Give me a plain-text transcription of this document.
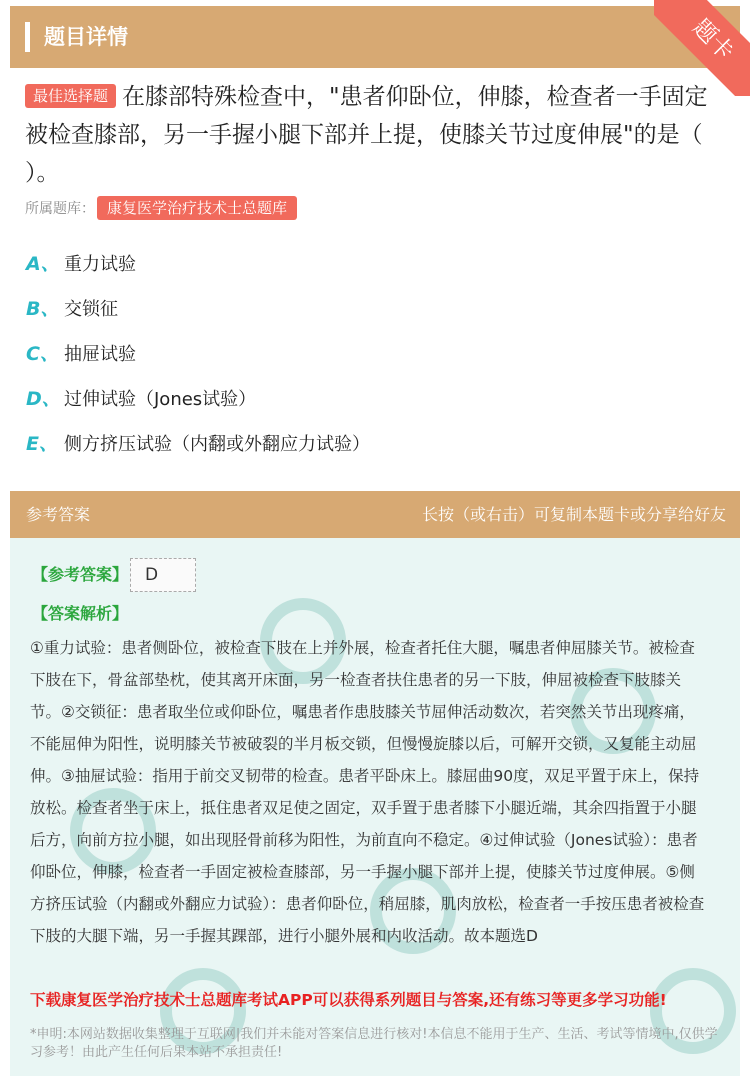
题目详情	题卡
最佳选择题 在膝部特殊检查中，"患者仰卧位，伸膝，检查者一手固定被检查膝部，另一手握小腿下部并上提，使膝关节过度伸展"的是（ ）。
所属题库： 康复医学治疗技术士总题库
A、 重力试验
B、 交锁征
C、 抽屉试验
D、 过伸试验（Jones试验）
E、 侧方挤压试验（内翻或外翻应力试验）
参考答案	长按（或右击）可复制本题卡或分享给好友
【参考答案】 D
【答案解析】
①重力试验：患者侧卧位，被检查下肢在上并外展，检查者托住大腿，嘱患者伸屈膝关节。被检查下肢在下，骨盆部垫枕，使其离开床面，另一检查者扶住患者的另一下肢，伸屈被检查下肢膝关节。②交锁征：患者取坐位或仰卧位，嘱患者作患肢膝关节屈伸活动数次，若突然关节出现疼痛，不能屈伸为阳性，说明膝关节被破裂的半月板交锁，但慢慢旋膝以后，可解开交锁，又复能主动屈伸。③抽屉试验：指用于前交叉韧带的检查。患者平卧床上。膝屈曲90度，双足平置于床上，保持放松。检查者坐于床上，抵住患者双足使之固定，双手置于患者膝下小腿近端，其余四指置于小腿后方，向前方拉小腿，如出现胫骨前移为阳性，为前直向不稳定。④过伸试验（Jones试验）：患者仰卧位，伸膝，检查者一手固定被检查膝部，另一手握小腿下部并上提，使膝关节过度伸展。⑤侧方挤压试验（内翻或外翻应力试验）：患者仰卧位，稍屈膝，肌肉放松，检查者一手按压患者被检查下肢的大腿下端，另一手握其踝部，进行小腿外展和内收活动。故本题选D
下载康复医学治疗技术士总题库考试APP可以获得系列题目与答案,还有练习等更多学习功能!
*申明:本网站数据收集整理于互联网|我们并未能对答案信息进行核对!本信息不能用于生产、生活、考试等情境中,仅供学习参考！由此产生任何后果本站不承担责任!
